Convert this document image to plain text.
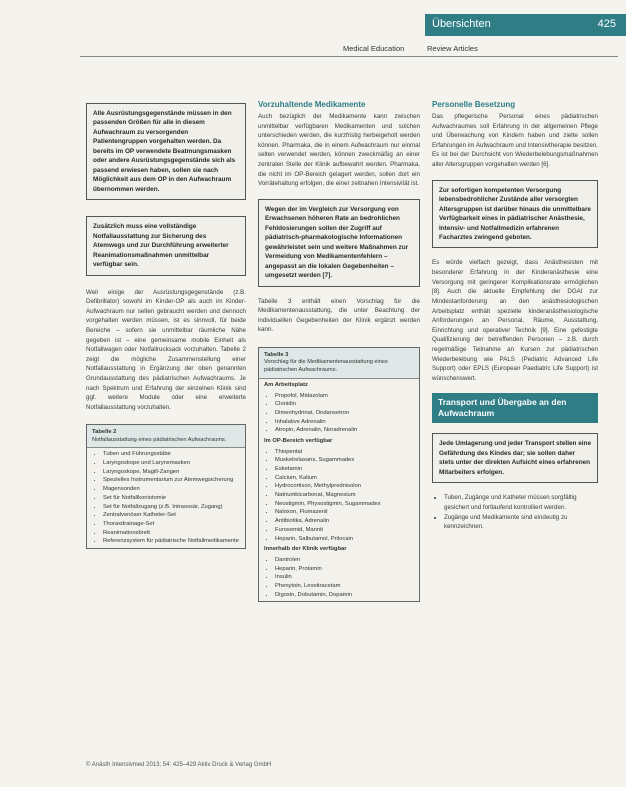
Übersichten	425
Medical Education	Review Articles
Alle Ausrüstungsgegenstände müssen in den passenden Größen für alle in diesem Aufwachraum zu versorgenden Patientengruppen vorgehalten werden. Da bereits im OP verwendete Beatmungsmasken oder andere Ausrüstungsgegenstände sich als passend erwiesen haben, sollen sie nach Möglichkeit aus dem OP in den Aufwachraum übernommen werden.
Zusätzlich muss eine vollständige Notfallausstattung zur Sicherung des Atemwegs und zur Durchführung erweiterter Reanimationsmaßnahmen unmittelbar verfügbar sein.
Weil einige der Ausrüstungsgegenstände (z.B. Defibrillator) sowohl im Kinder-OP als auch im Kinder-Aufwachraum nur selten gebraucht werden und dennoch vorgehalten werden müssen, ist es sinnvoll, für beide Bereiche – sofern sie unmittelbar räumliche Nähe gegeben ist – eine gemeinsame mobile Einheit als Notfallwagen oder Notfallrucksack vorzuhalten. Tabelle 2 zeigt die mögliche Zusammenstellung einer Notfallausstattung in Ergänzung der oben genannten Grundausstattung des pädiatrischen Aufwachraums. Je nach Spektrum und Erfahrung der einzelnen Klinik sind ggf. weitere Module oder eine erweiterte Notfallausstattung vorzuhalten.
Tabelle 2
Notfallausstattung eines pädiatrischen Aufwachraums.
• Tuben und Führungsstäbe
• Laryngoskope und Larynxmasken
• Laryngoskope, Magill-Zangen
• Spezielles Instrumentarium zur Atemwegsicherung
• Magensonden
• Set für Notfallkoniotomie
• Set für Notfallzugang (z.B. Intraossär, Zugang)
• Zentralvenöser Katheter-Set
• Thoraxdrainage-Set
• Reanimationsbrett
• Referenzsystem für pädiatrische Notfallmedikamente
Vorzuhaltende Medikamente
Auch bezüglich der Medikamente kann zwischen unmittelbar verfügbaren Medikamenten und solchen unterschieden werden, die kurzfristig herbeigeholt werden können. Pharmaka, die in einem Aufwachraum nur einmal selten verwendet werden, können zweckmäßig an einer zentralen Stelle der Klinik aufbewahrt werden. Pharmaka, die nicht im OP-Bereich gelagert werden, sollen dort ein Vorrätehaltung erfolgen, die einer zeitnahen Intensivität ist.
Wegen der im Vergleich zur Versorgung von Erwachsenen höheren Rate an bedrohlichen Fehldosierungen sollen der Zugriff auf pädiatrisch-pharmakologische Informationen gewährleistet sein und weitere Maßnahmen zur Vermeidung von Medikamentenfehlern – angepasst an die lokalen Gegebenheiten – umgesetzt werden [7].
Tabelle 3 enthält einen Vorschlag für die Medikamentenausstattung, die unter Beachtung der individuellen Gegebenheiten der Klinik ergänzt werden kann.
Tabelle 3
Vorschlag für die Medikamentenausstattung eines pädiatrischen Aufwachraums.
Am Arbeitsplatz
• Propofol, Midazolam
• Clonidin
• Dimenhydrinat, Ondansetron
• Inhalative Adrenalin
• Atropin, Adrenalin, Noradrenalin
Im OP-Bereich verfügbar
• Thiopental
• Muskelrelaxans, Sugammadex
• Esketamin
• Calcium, Kalium
• Hydrocortison, Methylprednisolon
• Natriumbicarbonat, Magnesium
• Neostigmin, Physostigmin, Sugammadex
• Naloxon, Flumazenil
• Antibiotika, Adrenalin
• Furosemid, Mannit
• Heparin, Salbutamol, Prilocain
Innerhalb der Klinik verfügbar
• Dantrolen
• Heparin, Protamin
• Insulin
• Phenytoin, Levetiracetam
• Digoxin, Dobutamin, Dopamin
Personelle Besetzung
Das pflegerische Personal eines pädiatrischen Aufwachraumes soll Erfahrung in der allgemeinen Pflege und Überwachung von Kindern haben und zielte sollen Erfahrungen im Aufwachraum und Intensivtherapie besitzen. Es ist bei der Durchsicht von Wiederbelebungsmaßnahmen aller Altersgruppen vorgehalten werden [6].
Zur sofortigen kompetenten Versorgung lebensbedrohlicher Zustände aller versorgten Altersgruppen ist darüber hinaus die unmittelbare Verfügbarkeit eines in pädiatrischer Anästhesie, Intensiv- und Notfallmedizin erfahrenen Facharztes zwingend geboten.
Es würde vielfach gezeigt, dass Anästhesisten mit besonderer Erfahrung in der Kinderanästhesie eine Versorgung mit geringerer Komplikationsrate ermöglichen [8]. Auch die aktuelle Empfehlung der DGAI zur Mindestanforderung an den anästhesiologischen Arbeitsplatz enthält spezielle kinderanästhesiologische Anforderungen an Personal, Räume, Ausstattung, Einrichtung und operativer Technik [9]. Eine gefestigte Qualifizierung der betreffenden Personen – z.B. durch regelmäßige Teilnahme an Kursen zur pädiatrischen Wiederbelebung wie PALS (Pediatric Advanced Life Support) oder EPLS (European Paediatric Life Support) ist wünschenswert.
Transport und Übergabe an den Aufwachraum
Jede Umlagerung und jeder Transport stellen eine Gefährdung des Kindes dar; sie sollen daher stets unter der direkten Aufsicht eines erfahrenen Mitarbeiters erfolgen.
• Tuben, Zugänge und Katheter müssen sorgfältig gesichert und fortlaufend kontrolliert werden.
• Zugänge und Medikamente sind eindeutig zu kennzeichnen.
© Anästh Intensivmed 2013; 54: 425–429 Aktiv Druck & Verlag GmbH
